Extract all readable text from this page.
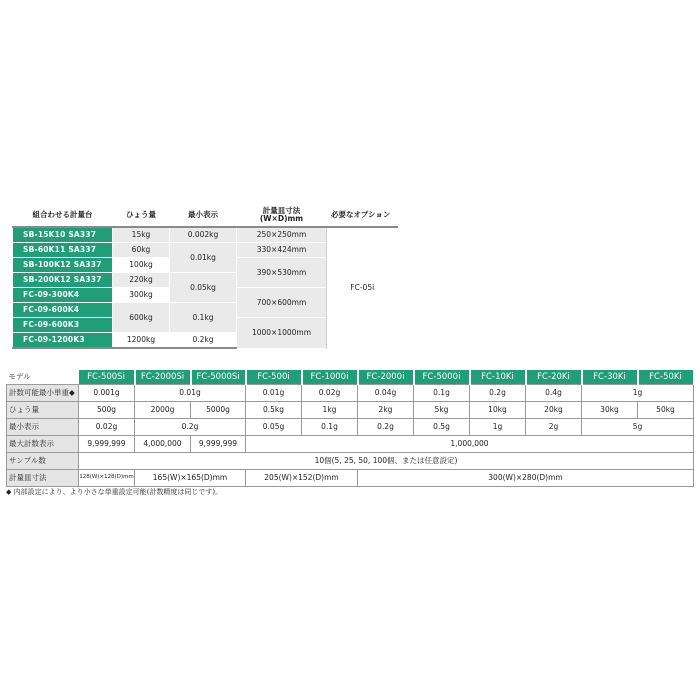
組合わせる計量台	ひょう量	最小表示	計量皿寸法
(W×D)mm	必要なオプション
SB-15K10 SA337	15kg	0.002kg	250×250mm	FC-05i
SB-60K11 SA337	60kg	0.01kg	330×424mm	
SB-100K12 SA337	100kg		390×530mm	
SB-200K12 SA337	220kg	0.05kg		
FC-09-300K4	300kg		700×600mm	
FC-09-600K4	600kg	0.1kg		
FC-09-600K3			1000×1000mm	
FC-09-1200K3	1200kg	0.2kg		
モデル	FC-500Si	FC-2000Si	FC-5000Si	FC-500i	FC-1000i	FC-2000i	FC-5000i	FC-10Ki	FC-20Ki	FC-30Ki	FC-50Ki
計数可能最小単重◆	0.001g	0.01g		0.01g	0.02g	0.04g	0.1g	0.2g	0.4g	1g	
ひょう量	500g	2000g	5000g	0.5kg	1kg	2kg	5kg	10kg	20kg	30kg	50kg
最小表示	0.02g	0.2g		0.05g	0.1g	0.2g	0.5g	1g	2g	5g	
最大計数表示	9,999,999	4,000,000	9,999,999	1,000,000							
サンプル数	10個(5, 25, 50, 100個、または任意設定)										
計量皿寸法	128(W)×128(D)mm	165(W)×165(D)mm		205(W)×152(D)mm		300(W)×280(D)mm					
◆ 内部設定により、より小さな単重設定可能(計数精度は同じです)。
